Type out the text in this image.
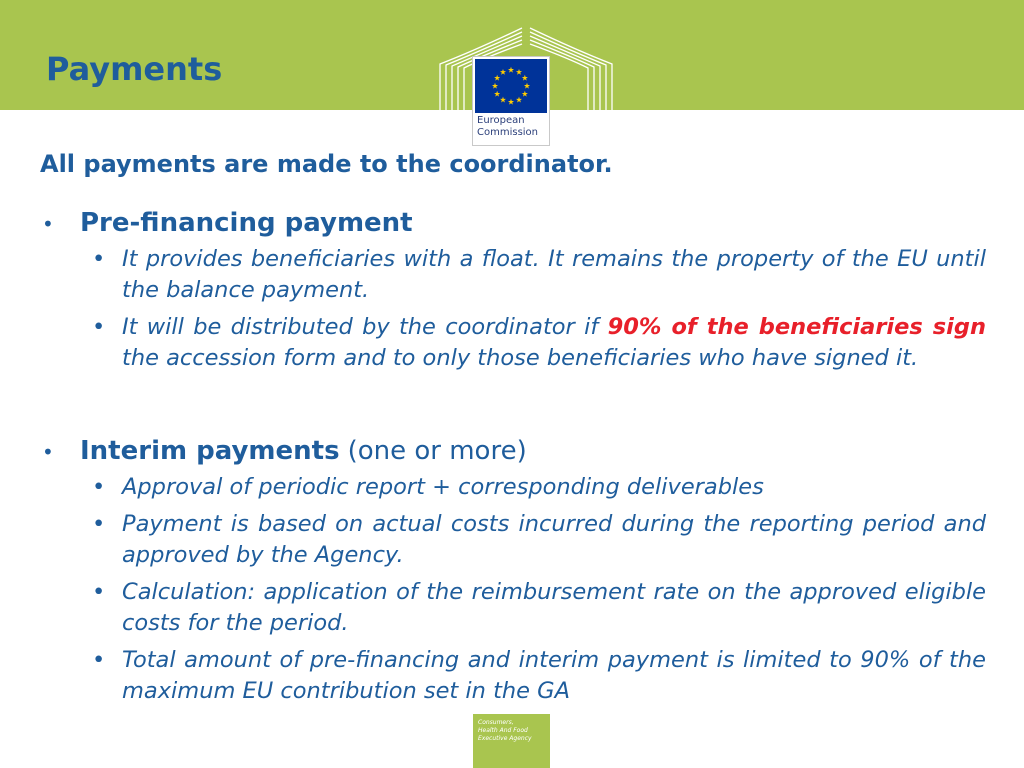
Payments
European
Commission

All payments are made to the coordinator.

•	Pre-financing payment
• It provides beneficiaries with a float. It remains the property of the EU until the balance payment.
• It will be distributed by the coordinator if 90% of the beneficiaries sign the accession form and to only those beneficiaries who have signed it.
•	Interim payments (one or more)
• Approval of periodic report + corresponding deliverables
• Payment is based on actual costs incurred during the reporting period and approved by the Agency.
• Calculation: application of the reimbursement rate on the approved eligible costs for the period.
• Total amount of pre-financing and interim payment is limited to 90% of the maximum EU contribution set in the GA
Consumers,
Health And Food
Executive Agency
